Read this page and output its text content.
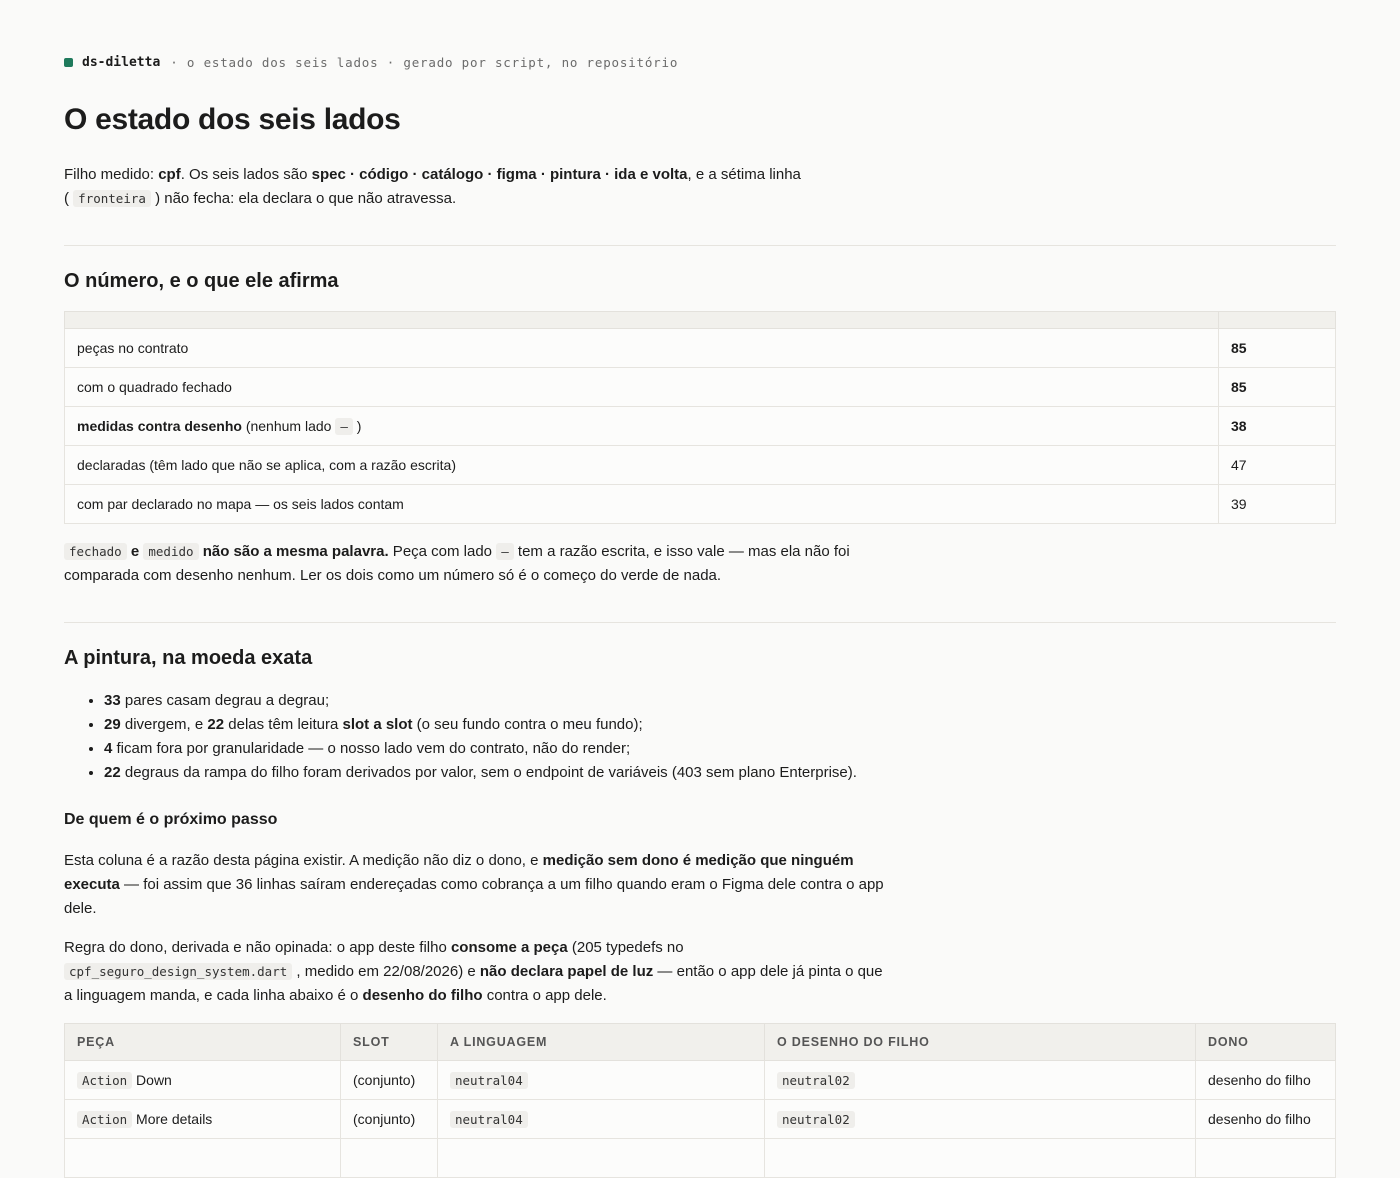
ds-diletta · o estado dos seis lados · gerado por script, no repositório
O estado dos seis lados

Filho medido: cpf. Os seis lados são spec · código · catálogo · figma · pintura · ida e volta, e a sétima linha
( fronteira ) não fecha: ela declara o que não atravessa.

O número, e o que ele afirma

peças no contrato	85
com o quadrado fechado	85
medidas contra desenho (nenhum lado — )	38
declaradas (têm lado que não se aplica, com a razão escrita)	47
com par declarado no mapa — os seis lados contam	39

fechado e medido não são a mesma palavra. Peça com lado — tem a razão escrita, e isso vale — mas ela não foi comparada com desenho nenhum. Ler os dois como um número só é o começo do verde de nada.

A pintura, na moeda exata
• 33 pares casam degrau a degrau;
• 29 divergem, e 22 delas têm leitura slot a slot (o seu fundo contra o meu fundo);
• 4 ficam fora por granularidade — o nosso lado vem do contrato, não do render;
• 22 degraus da rampa do filho foram derivados por valor, sem o endpoint de variáveis (403 sem plano Enterprise).
De quem é o próximo passo

Esta coluna é a razão desta página existir. A medição não diz o dono, e medição sem dono é medição que ninguém executa — foi assim que 36 linhas saíram endereçadas como cobrança a um filho quando eram o Figma dele contra o app dele.

Regra do dono, derivada e não opinada: o app deste filho consome a peça (205 typedefs no
cpf_seguro_design_system.dart , medido em 22/08/2026) e não declara papel de luz — então o app dele já pinta o que a linguagem manda, e cada linha abaixo é o desenho do filho contra o app dele.

PEÇA	SLOT	A LINGUAGEM	O DESENHO DO FILHO	DONO
Action Down	(conjunto)	neutral04	neutral02	desenho do filho
Action More details	(conjunto)	neutral04	neutral02	desenho do filho
